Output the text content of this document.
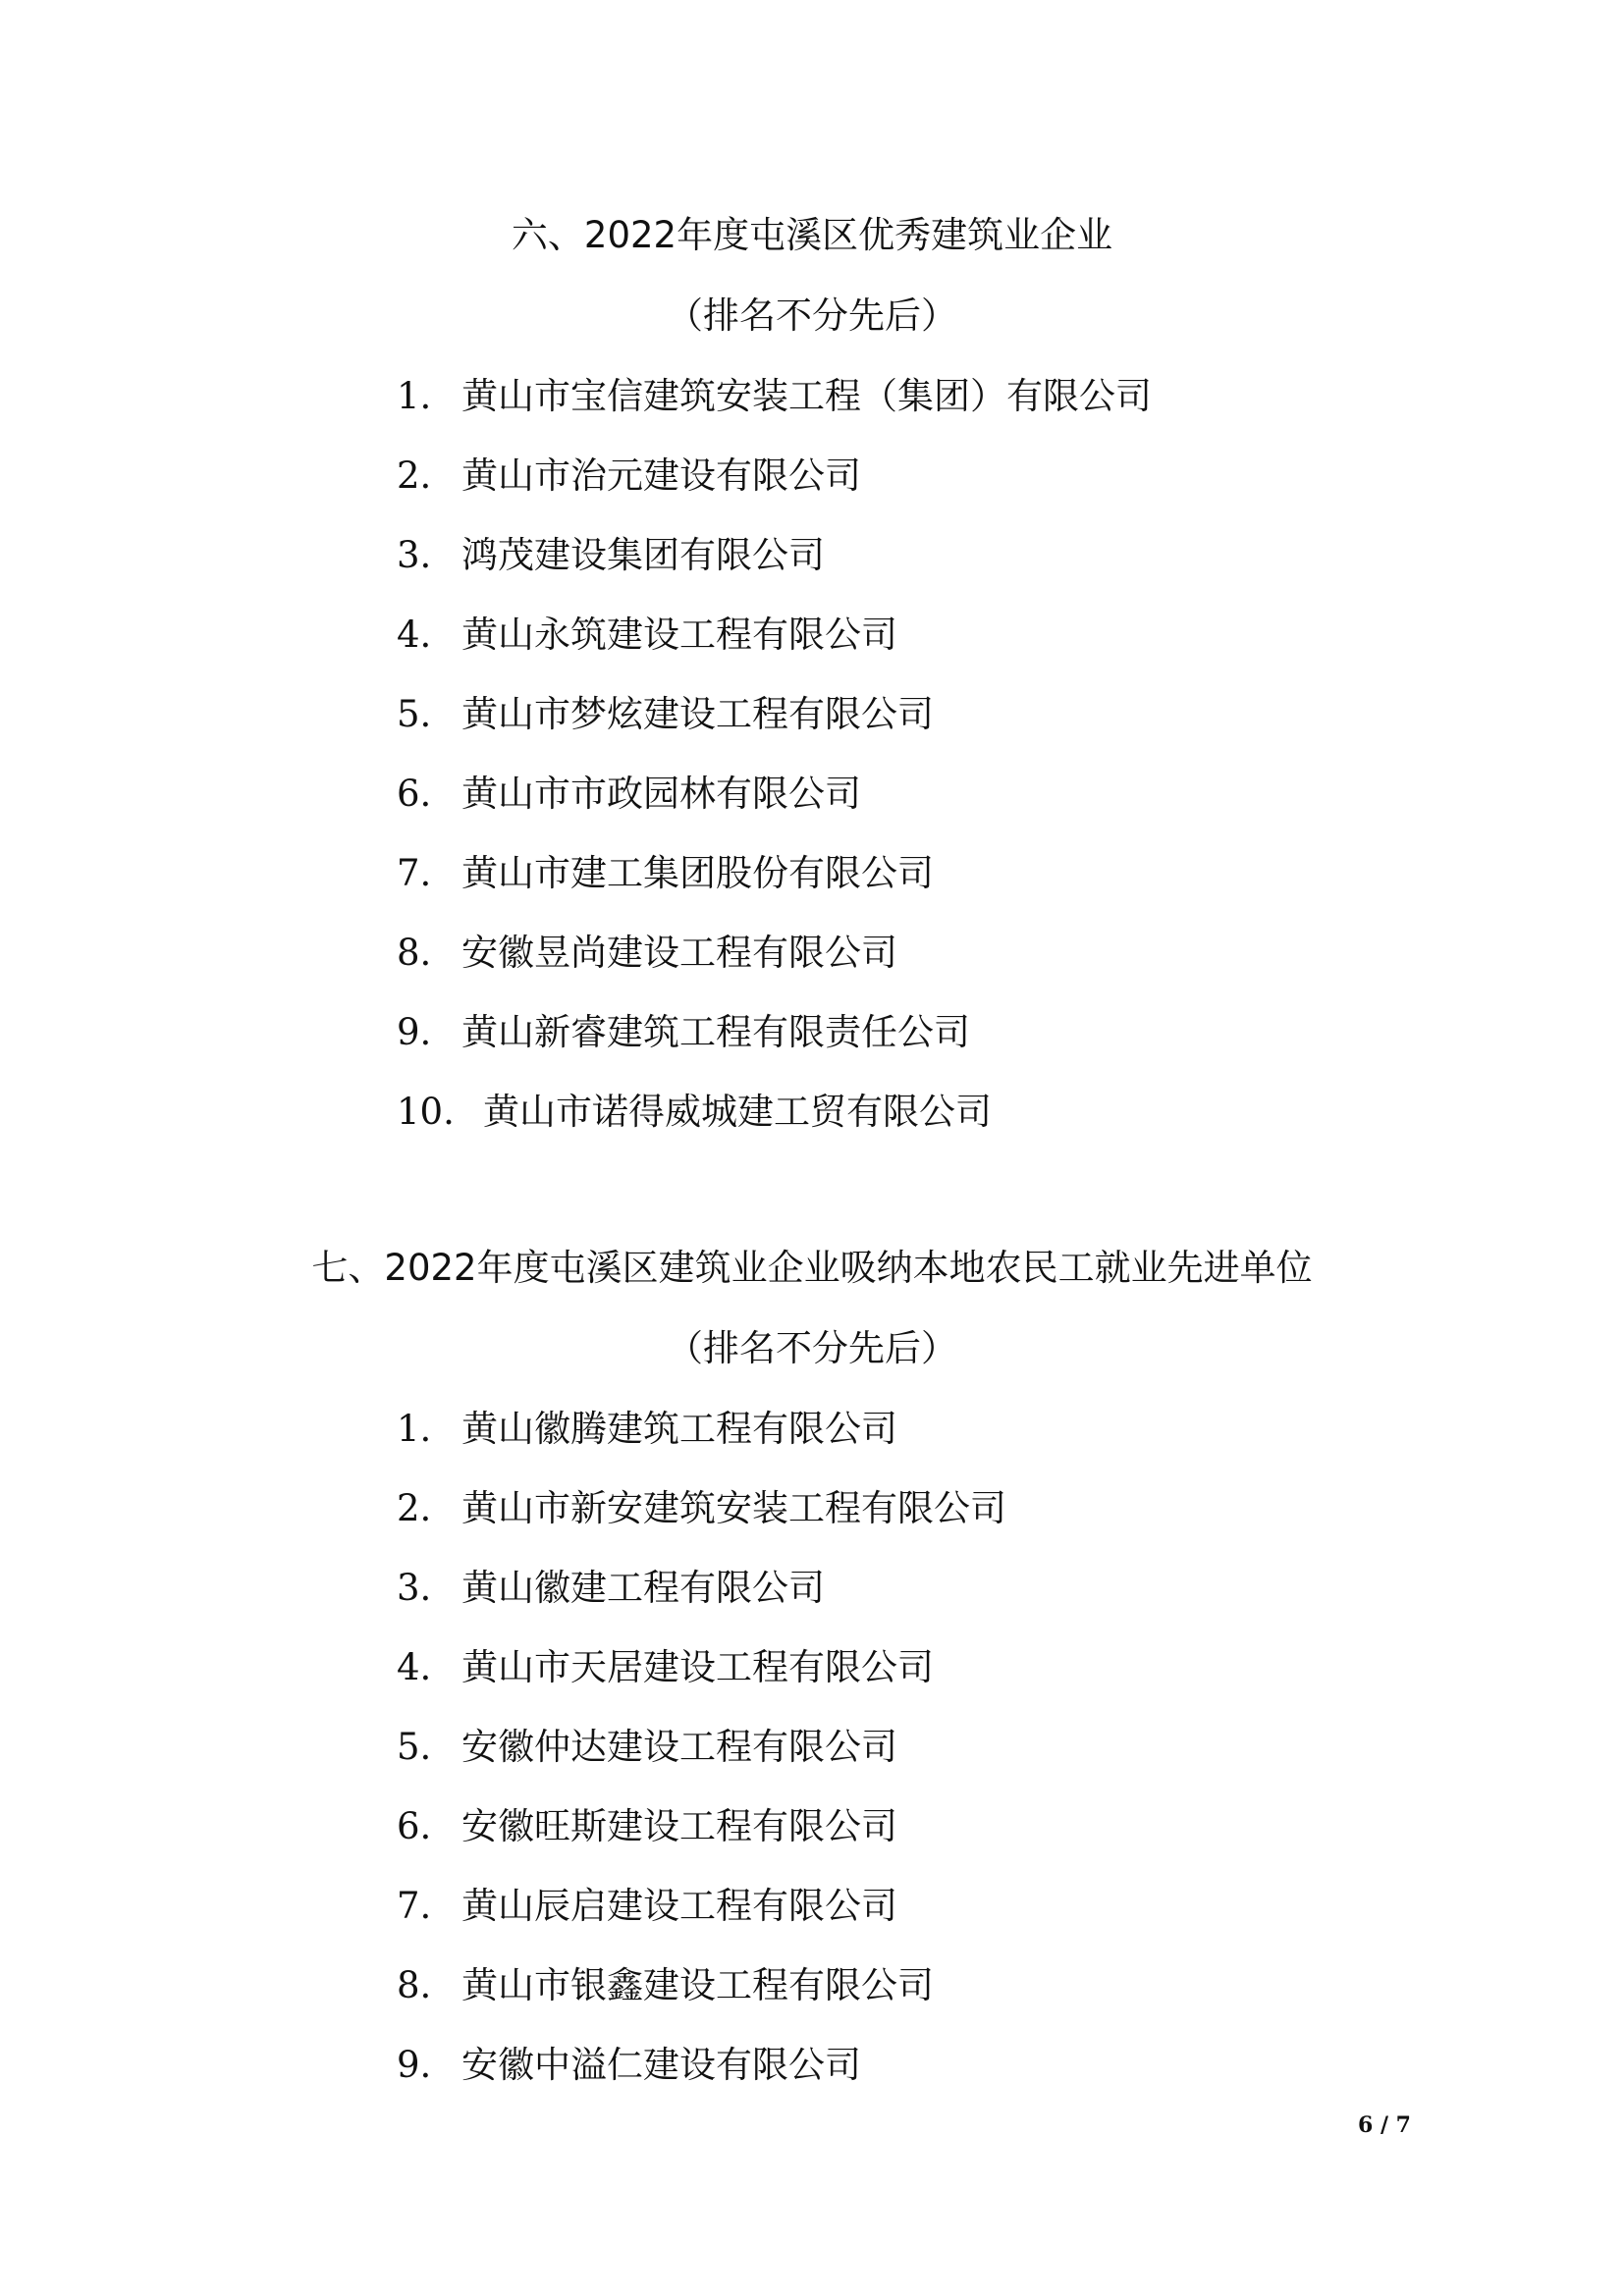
六、2022年度屯溪区优秀建筑业企业
（排名不分先后）
1. 黄山市宝信建筑安装工程（集团）有限公司
2. 黄山市治元建设有限公司
3. 鸿茂建设集团有限公司
4. 黄山永筑建设工程有限公司
5. 黄山市梦炫建设工程有限公司
6. 黄山市市政园林有限公司
7. 黄山市建工集团股份有限公司
8. 安徽昱尚建设工程有限公司
9. 黄山新睿建筑工程有限责任公司
10. 黄山市诺得威城建工贸有限公司
七、2022年度屯溪区建筑业企业吸纳本地农民工就业先进单位
（排名不分先后）
1. 黄山徽腾建筑工程有限公司
2. 黄山市新安建筑安装工程有限公司
3. 黄山徽建工程有限公司
4. 黄山市天居建设工程有限公司
5. 安徽仲达建设工程有限公司
6. 安徽旺斯建设工程有限公司
7. 黄山辰启建设工程有限公司
8. 黄山市银鑫建设工程有限公司
9. 安徽中溢仁建设有限公司
6 / 7
